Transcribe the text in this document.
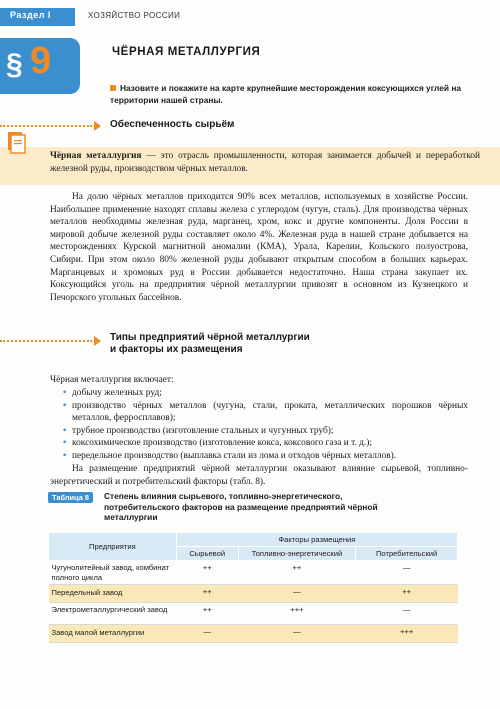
Раздел I	ХОЗЯЙСТВО РОССИИ
§ 9	ЧЁРНАЯ МЕТАЛЛУРГИЯ
Назовите и покажите на карте крупнейшие месторождения коксующихся углей на территории нашей страны.
Обеспеченность сырьём
Чёрная металлургия — это отрасль промышленности, которая занимается добычей и переработкой железной руды, производством чёрных металлов.
На долю чёрных металлов приходится 90% всех металлов, используемых в хозяйстве России. Наибольшее применение находят сплавы железа с углеродом (чугун, сталь). Для производства чёрных металлов необходимы железная руда, марганец, хром, кокс и другие компоненты. Доля России в мировой добыче железной руды составляет около 4%. Железная руда в нашей стране добывается на месторождениях Курской магнитной аномалии (КМА), Урала, Карелии, Кольского полуострова, Сибири. При этом около 80% железной руды добывают открытым способом в больших карьерах. Марганцевых и хромовых руд в России добывается недостаточно. Наша страна закупает их. Коксующийся уголь на предприятия чёрной металлургии привозят в основном из Кузнецкого и Печорского угольных бассейнов.
Типы предприятий чёрной металлургии
и факторы их размещения
Чёрная металлургия включает:
• добычу железных руд;
• производство чёрных металлов (чугуна, стали, проката, металлических порошков чёрных металлов, ферросплавов);
• трубное производство (изготовление стальных и чугунных труб);
• коксохимическое производство (изготовление кокса, коксового газа и т. д.);
• передельное производство (выплавка стали из лома и отходов чёрных металлов).
На размещение предприятий чёрной металлургии оказывают влияние сырьевой, топливно-энергетический и потребительский факторы (табл. 8).
Таблица 8	Степень влияния сырьевого, топливно-энергетического, потребительского факторов на размещение предприятий чёрной металлургии
Предприятия	Факторы размещения		
	Сырьевой	Топливно-энергетический	Потребительский
Чугунолитейный завод, комбинат полного цикла	++	++	—
Передельный завод	++	—	++
Электрометаллургический завод	++	+++	—
Завод малой металлургии	—	—	+++
